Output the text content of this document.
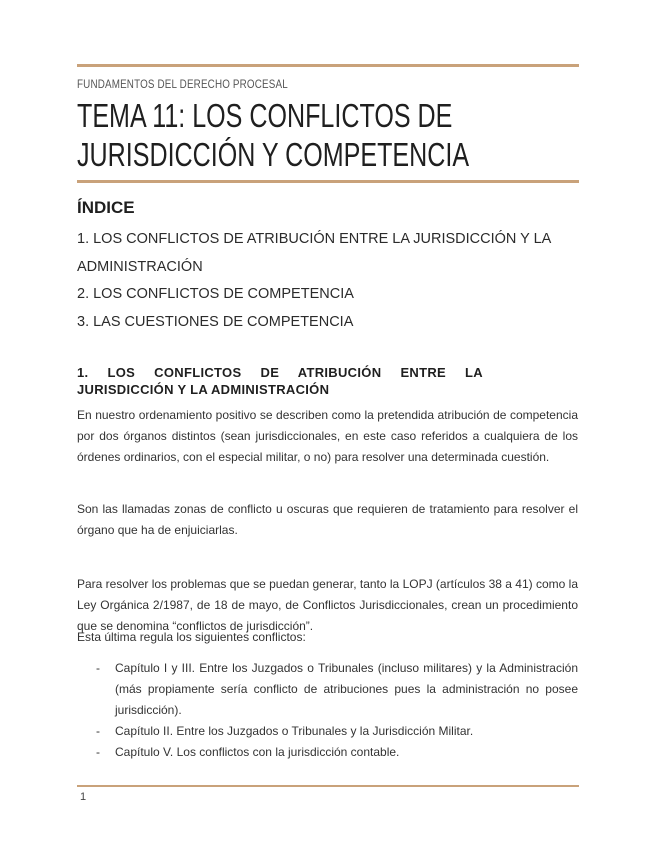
FUNDAMENTOS DEL DERECHO PROCESAL
TEMA 11: LOS CONFLICTOS DE JURISDICCIÓN Y COMPETENCIA
ÍNDICE
1. LOS CONFLICTOS DE ATRIBUCIÓN ENTRE LA JURISDICCIÓN Y LA ADMINISTRACIÓN
2. LOS CONFLICTOS DE COMPETENCIA
3. LAS CUESTIONES DE COMPETENCIA
1. LOS CONFLICTOS DE ATRIBUCIÓN ENTRE LA
JURISDICCIÓN Y LA ADMINISTRACIÓN

En nuestro ordenamiento positivo se describen como la pretendida atribución de competencia por dos órganos distintos (sean jurisdiccionales, en este caso referidos a cualquiera de los órdenes ordinarios, con el especial militar, o no) para resolver una determinada cuestión.

Son las llamadas zonas de conflicto u oscuras que requieren de tratamiento para resolver el órgano que ha de enjuiciarlas.

Para resolver los problemas que se puedan generar, tanto la LOPJ (artículos 38 a 41) como la Ley Orgánica 2/1987, de 18 de mayo, de Conflictos Jurisdiccionales, crean un procedimiento que se denomina “conflictos de jurisdicción”.

Esta última regula los siguientes conflictos:

- Capítulo I y III. Entre los Juzgados o Tribunales (incluso militares) y la Administración (más propiamente sería conflicto de atribuciones pues la administración no posee jurisdicción).
- Capítulo II. Entre los Juzgados o Tribunales y la Jurisdicción Militar.
- Capítulo V. Los conflictos con la jurisdicción contable.
1
